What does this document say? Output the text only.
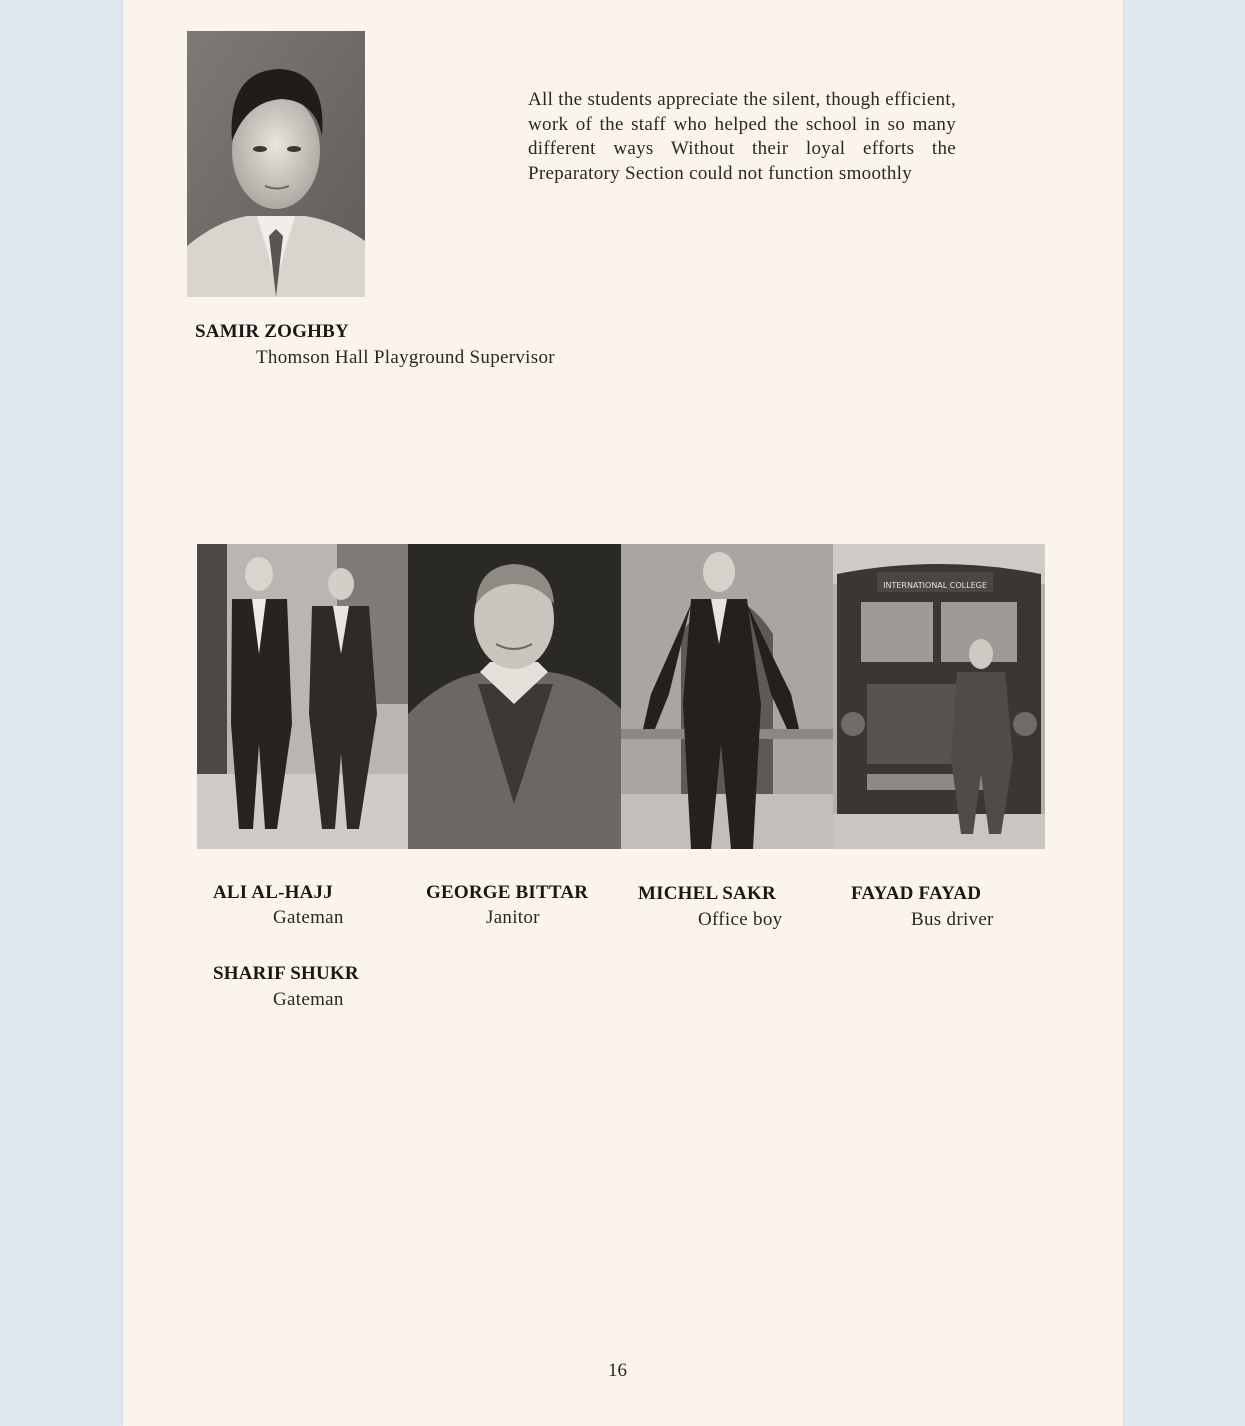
All the students appreciate the silent, though efficient, work of the staff who helped the school in so many different ways Without their loyal efforts the Preparatory Section could not function smoothly
SAMIR ZOGHBY
Thomson Hall Playground Supervisor
INTERNATIONAL COLLEGE
ALI AL-HAJJ
Gateman
GEORGE BITTAR
Janitor
MICHEL SAKR
Office boy
FAYAD FAYAD
Bus driver
SHARIF SHUKR
Gateman
16
